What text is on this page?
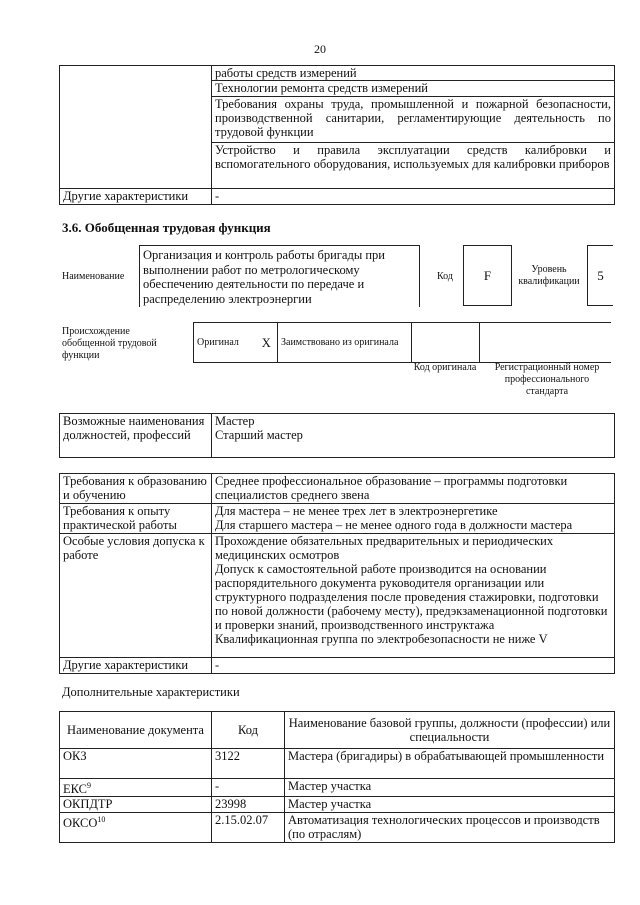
20
	работы средств измерений
	Технологии ремонта средств измерений
	Требования охраны труда, промышленной и пожарной безопасности, производственной санитарии, регламентирующие деятельность по трудовой функции
	Устройство и правила эксплуатации средств калибровки и вспомогательного оборудования, используемых для калибровки приборов
Другие характеристики	-
3.6. Обобщенная трудовая функция
Наименование
Организация и контроль работы бригады при выполнении работ по метрологическому обеспечению деятельности по передаче и распределению электроэнергии
Код	F	Уровень квалификации	5
Происхождение обобщенной трудовой функции
Оригинал	X	Заимствовано из оригинала		
Код оригинала	Регистрационный номер профессионального стандарта
Возможные наименования должностей, профессий	
Мастер
Старший мастер
Требования к образованию и обучению	Среднее профессиональное образование – программы подготовки специалистов среднего звена
Требования к опыту практической работы	Для мастера – не менее трех лет в электроэнергетике
Для старшего мастера – не менее одного года в должности мастера

Особые условия допуска к работе	Прохождение обязательных предварительных и периодических медицинских осмотров
Допуск к самостоятельной работе производится на основании распорядительного документа руководителя организации или структурного подразделения после проведения стажировки, подготовки по новой должности (рабочему месту), предэкзаменационной подготовки и проверки знаний, производственного инструктажа
Квалификационная группа по электробезопасности не ниже V

Другие характеристики	-
Дополнительные характеристики
Наименование документа	Код	Наименование базовой группы, должности (профессии) или специальности
ОКЗ	3122	Мастера (бригадиры) в обрабатывающей промышленности
ЕКС$^9$	-	Мастер участка
ОКПДТР	23998	Мастер участка
ОКСО$^{10}$	2.15.02.07	Автоматизация технологических процессов и производств (по отраслям)
